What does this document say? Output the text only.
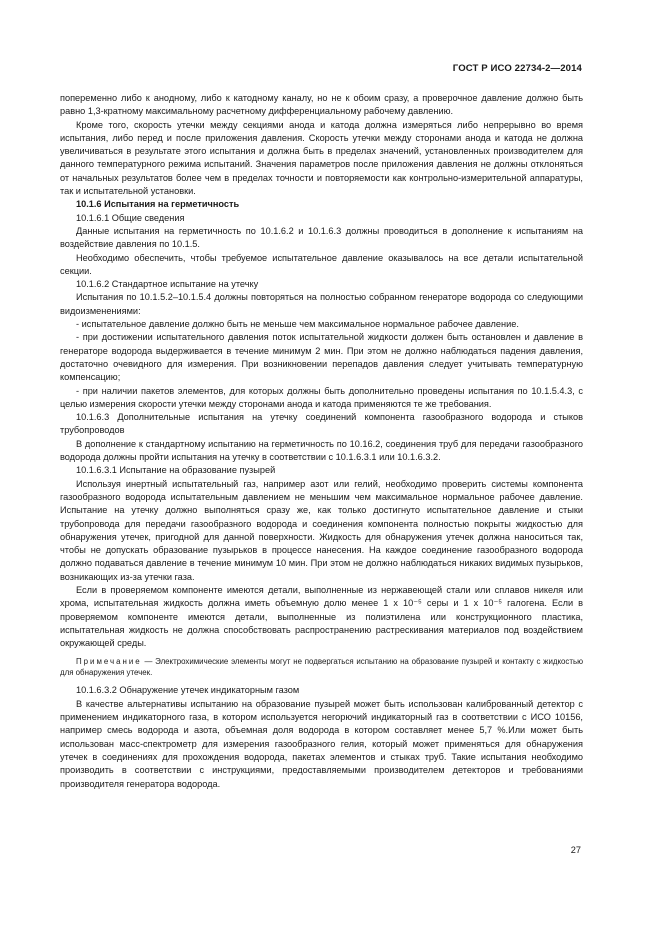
ГОСТ Р ИСО 22734-2—2014

попеременно либо к анодному, либо к катодному каналу, но не к обоим сразу, а проверочное давление должно быть равно 1,3-кратному максимальному расчетному дифференциальному рабочему давлению.

Кроме того, скорость утечки между секциями анода и катода должна измеряться либо непрерывно во время испытания, либо перед и после приложения давления. Скорость утечки между сторонами анода и катода не должна увеличиваться в результате этого испытания и должна быть в пределах значений, установленных производителем для данного температурного режима испытаний. Значения параметров после приложения давления не должны отклоняться от начальных результатов более чем в пределах точности и повторяемости как контрольно-измерительной аппаратуры, так и испытательной установки.

10.1.6 Испытания на герметичность

10.1.6.1 Общие сведения

Данные испытания на герметичность по 10.1.6.2 и 10.1.6.3 должны проводиться в дополнение к испытаниям на воздействие давления по 10.1.5.

Необходимо обеспечить, чтобы требуемое испытательное давление оказывалось на все детали испытательной секции.

10.1.6.2 Стандартное испытание на утечку

Испытания по 10.1.5.2–10.1.5.4 должны повторяться на полностью собранном генераторе водорода со следующими видоизменениями:

- испытательное давление должно быть не меньше чем максимальное нормальное рабочее давление.

- при достижении испытательного давления поток испытательной жидкости должен быть остановлен и давление в генераторе водорода выдерживается в течение минимум 2 мин. При этом не должно наблюдаться падения давления, достаточно очевидного для измерения. При возникновении перепадов давления следует учитывать температурную компенсацию;

- при наличии пакетов элементов, для которых должны быть дополнительно проведены испытания по 10.1.5.4.3, с целью измерения скорости утечки между сторонами анода и катода применяются те же требования.

10.1.6.3 Дополнительные испытания на утечку соединений компонента газообразного водорода и стыков трубопроводов

В дополнение к стандартному испытанию на герметичность по 10.16.2, соединения труб для передачи газообразного водорода должны пройти испытания на утечку в соответствии с 10.1.6.3.1 или 10.1.6.3.2.

10.1.6.3.1 Испытание на образование пузырей

Используя инертный испытательный газ, например азот или гелий, необходимо проверить системы компонента газообразного водорода испытательным давлением не меньшим чем максимальное нормальное рабочее давление. Испытание на утечку должно выполняться сразу же, как только достигнуто испытательное давление и стыки трубопровода для передачи газообразного водорода и соединения компонента полностью покрыты жидкостью для обнаружения утечек, пригодной для данной поверхности. Жидкость для обнаружения утечек должна наноситься так, чтобы не допускать образование пузырьков в процессе нанесения. На каждое соединение газообразного водорода должно подаваться давление в течение минимум 10 мин. При этом не должно наблюдаться никаких видимых пузырьков, возникающих из-за утечки газа.

Если в проверяемом компоненте имеются детали, выполненные из нержавеющей стали или сплавов никеля или хрома, испытательная жидкость должна иметь объемную долю менее 1 x 10⁻⁵ серы и 1 x 10⁻⁵ галогена. Если в проверяемом компоненте имеются детали, выполненные из полиэтилена или конструкционного пластика, испытательная жидкость не должна способствовать распространению растрескивания материалов под воздействием окружающей среды.

Примечание — Электрохимические элементы могут не подвергаться испытанию на образование пузырей и контакту с жидкостью для обнаружения утечек.

10.1.6.3.2 Обнаружение утечек индикаторным газом

В качестве альтернативы испытанию на образование пузырей может быть использован калиброванный детектор с применением индикаторного газа, в котором используется негорючий индикаторный газ в соответствии с ИСО 10156, например смесь водорода и азота, объемная доля водорода в котором составляет менее 5,7 %.Или может быть использован масс-спектрометр для измерения газообразного гелия, который может применяться для обнаружения утечек в соединениях для прохождения водорода, пакетах элементов и стыках труб. Такие испытания необходимо производить в соответствии с инструкциями, предоставляемыми производителем детекторов и требованиями производителя генератора водорода.

27
